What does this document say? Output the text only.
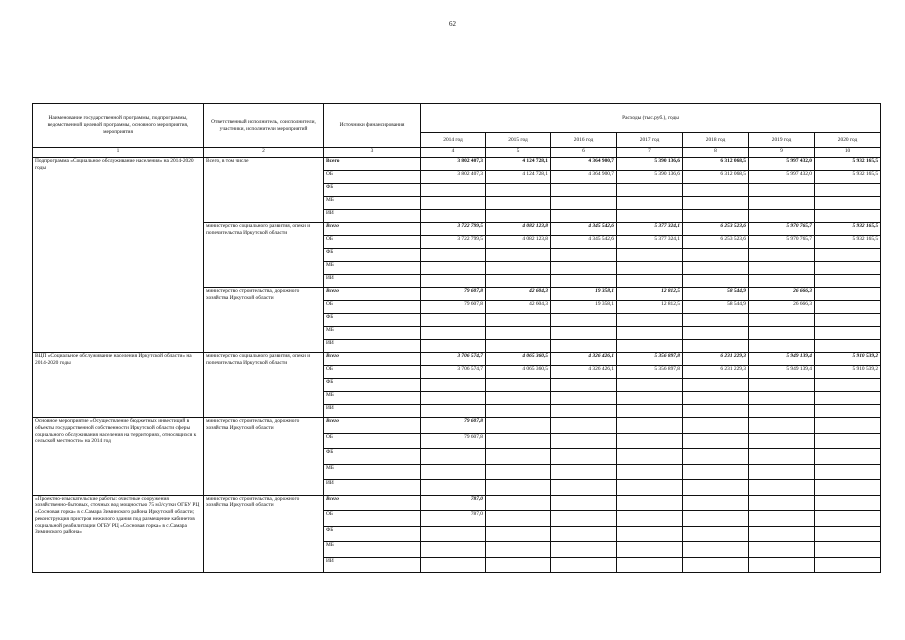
62
Наименование государственной программы, подпрограммы, ведомственной целевой программы, основного мероприятия, мероприятия	Ответственный исполнитель, соисполнители, участники, исполнители мероприятий	Источники финансирования	Расходы (тыс.руб.), годы						
			2014 год	2015 год	2016 год	2017 год	2018 год	2019 год	2020 год
1	2	3	4	5	6	7	8	9	10
Подпрограмма «Социальное обслуживание населения» на 2014-2020 годы	Всего, в том числе	Всего	3 802 407,3	4 124 728,1	4 364 900,7	5 390 136,6	6 312 068,5	5 997 432,0	5 932 165,5
		ОБ	3 802 407,3	4 124 728,1	4 364 900,7	5 390 136,6	6 312 068,5	5 997 432,0	5 932 165,5
		ФБ							
		МБ							
		ИИ							
	министерство социального развития, опеки и попечительства Иркутской области	Всего	3 722 799,5	4 082 123,8	4 345 542,6	5 377 324,1	6 253 523,6	5 970 765,7	5 932 165,5
		ОБ	3 722 799,5	4 082 123,8	4 345 542,6	5 377 324,1	6 253 523,6	5 970 765,7	5 932 165,5
		ФБ							
		МБ							
		ИИ							
	министерство строительства, дорожного хозяйства Иркутской области	Всего	79 607,8	42 604,3	19 358,1	12 812,5	58 544,9	26 666,3	
		ОБ	79 607,8	42 604,3	19 358,1	12 812,5	58 544,9	26 666,3	
		ФБ							
		МБ							
		ИИ							
ВЦП «Социальное обслуживание населения Иркутской области» на 2014-2020 годы	министерство социального развития, опеки и попечительства Иркутской области	Всего	3 706 574,7	4 065 360,5	4 326 426,1	5 356 897,8	6 231 229,3	5 949 139,4	5 910 539,2
		ОБ	3 706 574,7	4 065 360,5	4 326 426,1	5 356 897,8	6 231 229,3	5 949 139,4	5 910 539,2
		ФБ							
		МБ							
		ИИ							
Основное мероприятие «Осуществление бюджетных инвестиций в объекты государственной собственности Иркутской области сферы социального обслуживания населения на территориях, относящихся к сельской местности» на 2014 год	министерство строительства, дорожного хозяйства Иркутской области	Всего	79 607,8						
		ОБ	79 607,8						
		ФБ							
		МБ							
		ИИ							
«Проектно-изыскательские работы: очистные сооружения хозяйственно-бытовых, сточных вод мощностью 75 м3/сутки ОГБУ РЦ «Сосновая горка» в с.Самара Зиминского района Иркутской области; реконструкция пристроя нежилого здания под размещение кабинетов социальной реабилитации ОГБУ РЦ «Сосновая горка» в с.Самара Зиминского района»	министерство строительства, дорожного хозяйства Иркутской области	Всего	787,0						
		ОБ	787,0						
		ФБ							
		МБ							
		ИИ							
